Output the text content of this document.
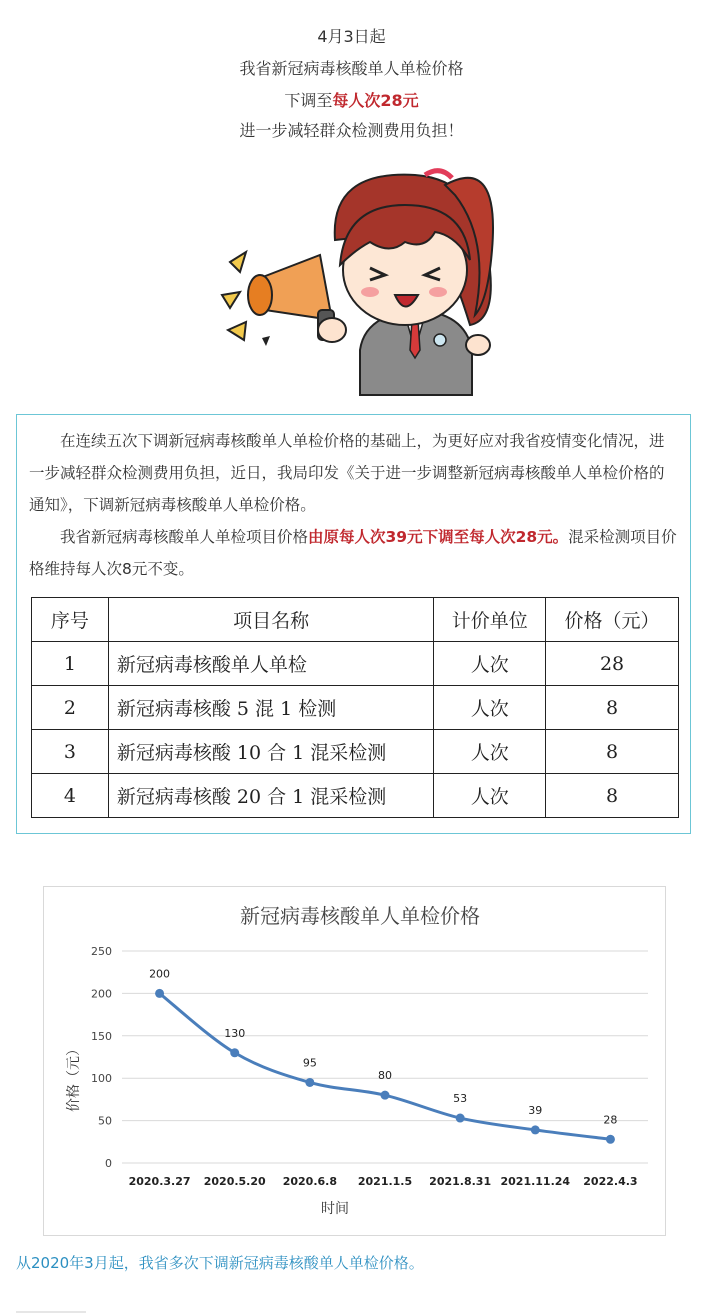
4月3日起
我省新冠病毒核酸单人单检价格
下调至每人次28元
进一步减轻群众检测费用负担！

在连续五次下调新冠病毒核酸单人单检价格的基础上，为更好应对我省疫情变化情况，进一步减轻群众检测费用负担，近日，我局印发《关于进一步调整新冠病毒核酸单人单检价格的通知》，下调新冠病毒核酸单人单检价格。

我省新冠病毒核酸单人单检项目价格由原每人次39元下调至每人次28元。混采检测项目价格维持每人次8元不变。

序号	项目名称	计价单位	价格（元）
1	新冠病毒核酸单人单检	人次	28
2	新冠病毒核酸 5 混 1 检测	人次	8
3	新冠病毒核酸 10 合 1 混采检测	人次	8
4	新冠病毒核酸 20 合 1 混采检测	人次	8
新冠病毒核酸单人单检价格
0
50
100
150
200
250
2020.3.27 2020.5.20 2020.6.8 2021.1.5 2021.8.31 2021.11.24 2022.4.3
200
130
95
80
53
39
28
价格（元）
时间
从2020年3月起，我省多次下调新冠病毒核酸单人单检价格。
